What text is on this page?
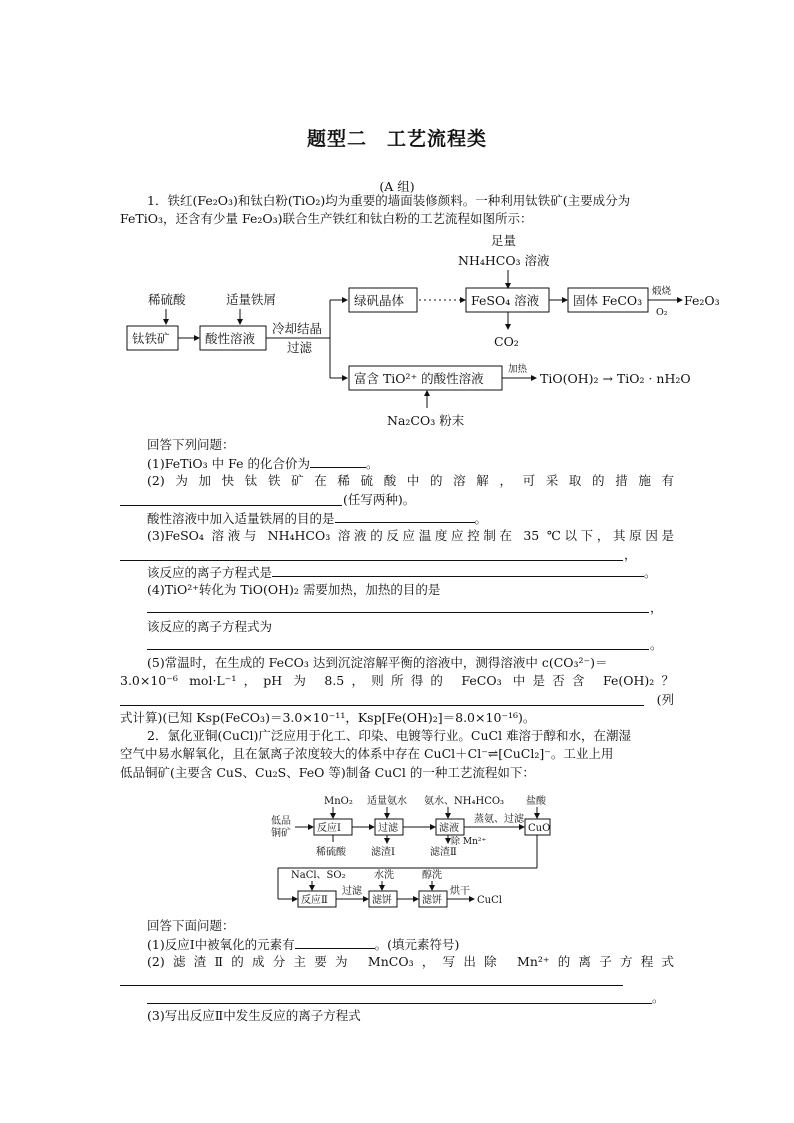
题型二　工艺流程类
(A 组)
1．铁红(Fe₂O₃)和钛白粉(TiO₂)均为重要的墙面装修颜料。一种利用钛铁矿(主要成分为
FeTiO₃，还含有少量 Fe₂O₃)联合生产铁红和钛白粉的工艺流程如图所示：
足量
NH₄HCO₃ 溶液
稀硫酸	适量铁屑
钛铁矿	酸性溶液
冷却结晶
过滤
绿矾晶体	FeSO₄ 溶液	固体 FeCO₃
煅烧
O₂
Fe₂O₃
CO₂
富含 TiO²⁺ 的酸性溶液
加热
TiO(OH)₂ → TiO₂ · nH₂O
Na₂CO₃ 粉末
回答下列问题：
(1)FeTiO₃ 中 Fe 的化合价为	。
(2)为加快钛铁矿在稀硫酸中的溶解，可采取的措施有
(任写两种)。
酸性溶液中加入适量铁屑的目的是	。
(3)FeSO₄ 溶液与 NH₄HCO₃ 溶液的反应温度应控制在 35 ℃以下，其原因是
，
该反应的离子方程式是	。
(4)TiO²⁺转化为 TiO(OH)₂ 需要加热，加热的目的是
，
该反应的离子方程式为
。
(5)常温时，在生成的 FeCO₃ 达到沉淀溶解平衡的溶液中，测得溶液中 c(CO₃²⁻)＝
3.0×10⁻⁶ mol·L⁻¹，pH 为 8.5，则所得的 FeCO₃ 中是否含 Fe(OH)₂？
(列
式计算)(已知 Ksp(FeCO₃)＝3.0×10⁻¹¹，Ksp[Fe(OH)₂]＝8.0×10⁻¹⁶)。
2．氯化亚铜(CuCl)广泛应用于化工、印染、电镀等行业。CuCl 难溶于醇和水，在潮湿
空气中易水解氧化，且在氯离子浓度较大的体系中存在 CuCl＋Cl⁻⇌[CuCl₂]⁻。工业上用
低品铜矿(主要含 CuS、Cu₂S、FeO 等)制备 CuCl 的一种工艺流程如下：
低品
铜矿
MnO₂
反应Ⅰ
稀硫酸
适量氨水
过滤
滤渣Ⅰ
氨水、NH₄HCO₃
滤液
除 Mn²⁺
滤渣Ⅱ
蒸氨、过滤
盐酸
CuO
NaCl、SO₂
反应Ⅱ
过滤
水洗
滤饼
醇洗
滤饼
烘干
CuCl
回答下面问题：
(1)反应Ⅰ中被氧化的元素有	。(填元素符号)
(2)滤渣Ⅱ的成分主要为 MnCO₃，写出除 Mn²⁺的离子方程式
。
(3)写出反应Ⅱ中发生反应的离子方程式
